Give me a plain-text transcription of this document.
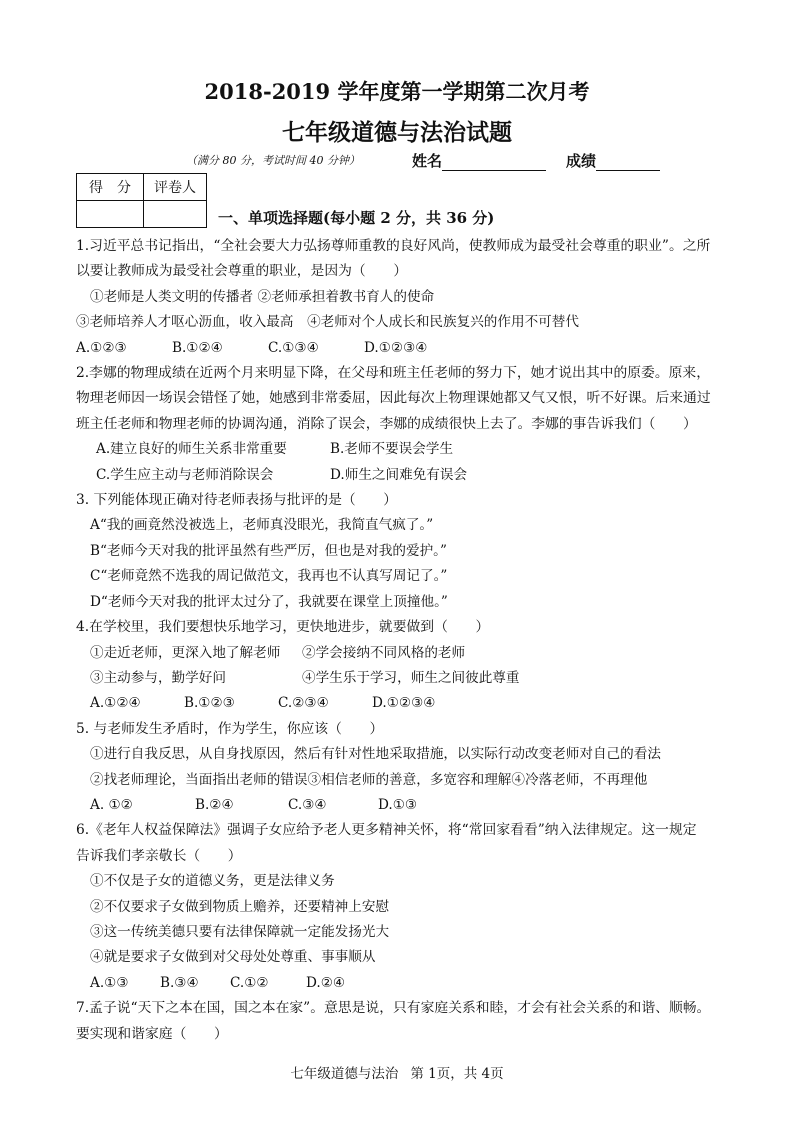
2018-2019 学年度第一学期第二次月考
七年级道德与法治试题
（满分 80 分，考试时间 40 分钟）	姓名	成绩
得　分	评卷人

一、单项选择题(每小题 2 分，共 36 分)

1.习近平总书记指出，“全社会要大力弘扬尊师重教的良好风尚，使教师成为最受社会尊重的职业”。之所

以要让教师成为最受社会尊重的职业，是因为（　　）

①老师是人类文明的传播者 ②老师承担着教书育人的使命

③老师培养人才呕心沥血，收入最高　④老师对个人成长和民族复兴的作用不可替代

A.①②③	B.①②④	C.①③④	D.①②③④

2.李娜的物理成绩在近两个月来明显下降，在父母和班主任老师的努力下，她才说出其中的原委。原来，

物理老师因一场误会错怪了她，她感到非常委屈，因此每次上物理课她都又气又恨，听不好课。后来通过

班主任老师和物理老师的协调沟通，消除了误会，李娜的成绩很快上去了。李娜的事告诉我们（　　）

A.建立良好的师生关系非常重要	B.老师不要误会学生

C.学生应主动与老师消除误会	D.师生之间难免有误会

3. 下列能体现正确对待老师表扬与批评的是（　　）

A“我的画竟然没被选上，老师真没眼光，我简直气疯了。”

B“老师今天对我的批评虽然有些严厉，但也是对我的爱护。”

C“老师竟然不选我的周记做范文，我再也不认真写周记了。”

D“老师今天对我的批评太过分了，我就要在课堂上顶撞他。”

4.在学校里，我们要想快乐地学习，更快地进步，就要做到（　　）

①走近老师，更深入地了解老师 ②学会接纳不同风格的老师

③主动参与，勤学好问	④学生乐于学习，师生之间彼此尊重

A.①②④	B.①②③	C.②③④	D.①②③④

5. 与老师发生矛盾时，作为学生，你应该（　　）

①进行自我反思，从自身找原因，然后有针对性地采取措施，以实际行动改变老师对自己的看法

②找老师理论，当面指出老师的错误③相信老师的善意，多宽容和理解④冷落老师，不再理他

A. ①②	B.②④	C.③④	D.①③

6.《老年人权益保障法》强调子女应给予老人更多精神关怀，将“常回家看看”纳入法律规定。这一规定

告诉我们孝亲敬长（　　）

①不仅是子女的道德义务，更是法律义务

②不仅要求子女做到物质上赡养，还要精神上安慰

③这一传统美德只要有法律保障就一定能发扬光大

④就是要求子女做到对父母处处尊重、事事顺从

A.①③ B.③④ C.①②	D.②④

7.孟子说“天下之本在国，国之本在家”。意思是说，只有家庭关系和睦，才会有社会关系的和谐、顺畅。

要实现和谐家庭（　　）

七年级道德与法治 第 1页，共 4页
